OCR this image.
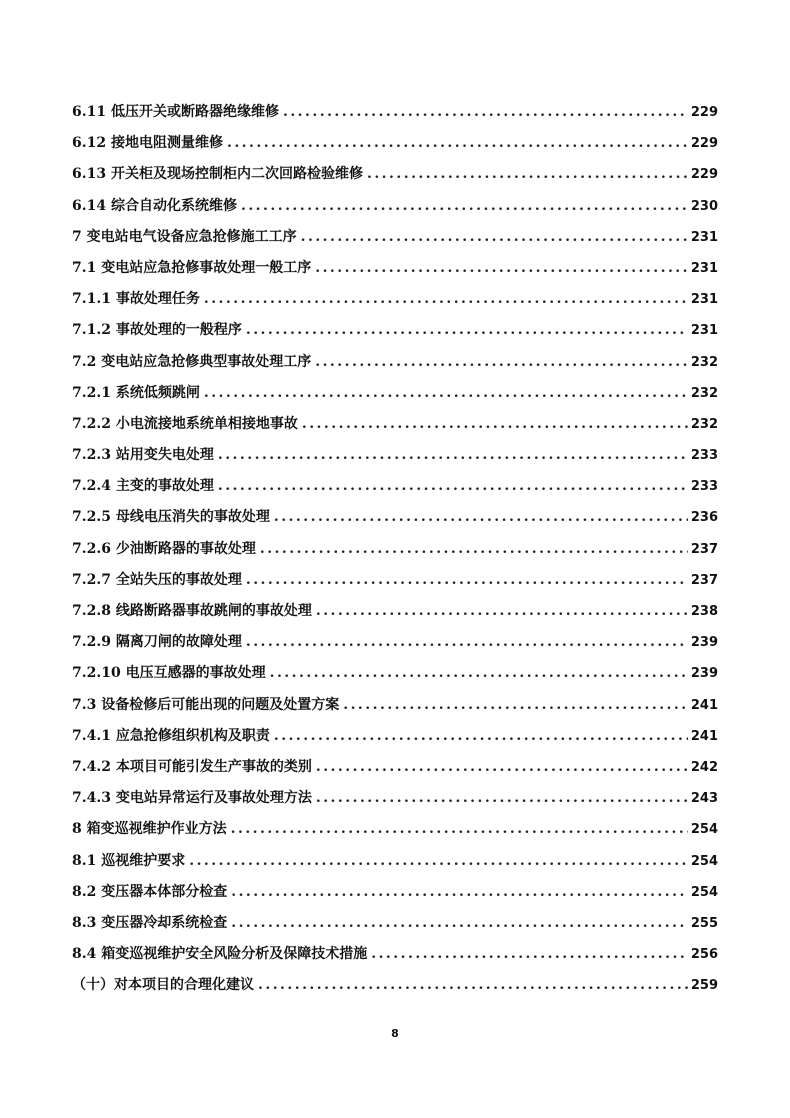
6.11 低压开关或断路器绝缘维修 . . .	229
6.12 接地电阻测量维修 . . .	229
6.13 开关柜及现场控制柜内二次回路检验维修 . . .	229
6.14 综合自动化系统维修 . . .	230
7 变电站电气设备应急抢修施工工序 . . .	231
7.1 变电站应急抢修事故处理一般工序 . . .	231
7.1.1 事故处理任务 . . .	231
7.1.2 事故处理的一般程序 . . .	231
7.2 变电站应急抢修典型事故处理工序 . . .	232
7.2.1 系统低频跳闸 . . .	232
7.2.2 小电流接地系统单相接地事故 . . .	232
7.2.3 站用变失电处理 . . .	233
7.2.4 主变的事故处理 . . .	233
7.2.5 母线电压消失的事故处理 . . .	236
7.2.6 少油断路器的事故处理 . . .	237
7.2.7 全站失压的事故处理 . . .	237
7.2.8 线路断路器事故跳闸的事故处理 . . .	238
7.2.9 隔离刀闸的故障处理 . . .	239
7.2.10 电压互感器的事故处理 . . .	239
7.3 设备检修后可能出现的问题及处置方案 . . .	241
7.4.1 应急抢修组织机构及职责 . . .	241
7.4.2 本项目可能引发生产事故的类别 . . .	242
7.4.3 变电站异常运行及事故处理方法 . . .	243
8 箱变巡视维护作业方法 . . .	254
8.1 巡视维护要求 . . .	254
8.2 变压器本体部分检查 . . .	254
8.3 变压器冷却系统检查 . . .	255
8.4 箱变巡视维护安全风险分析及保障技术措施 . . .	256
（十）对本项目的合理化建议 . . .	259
8
